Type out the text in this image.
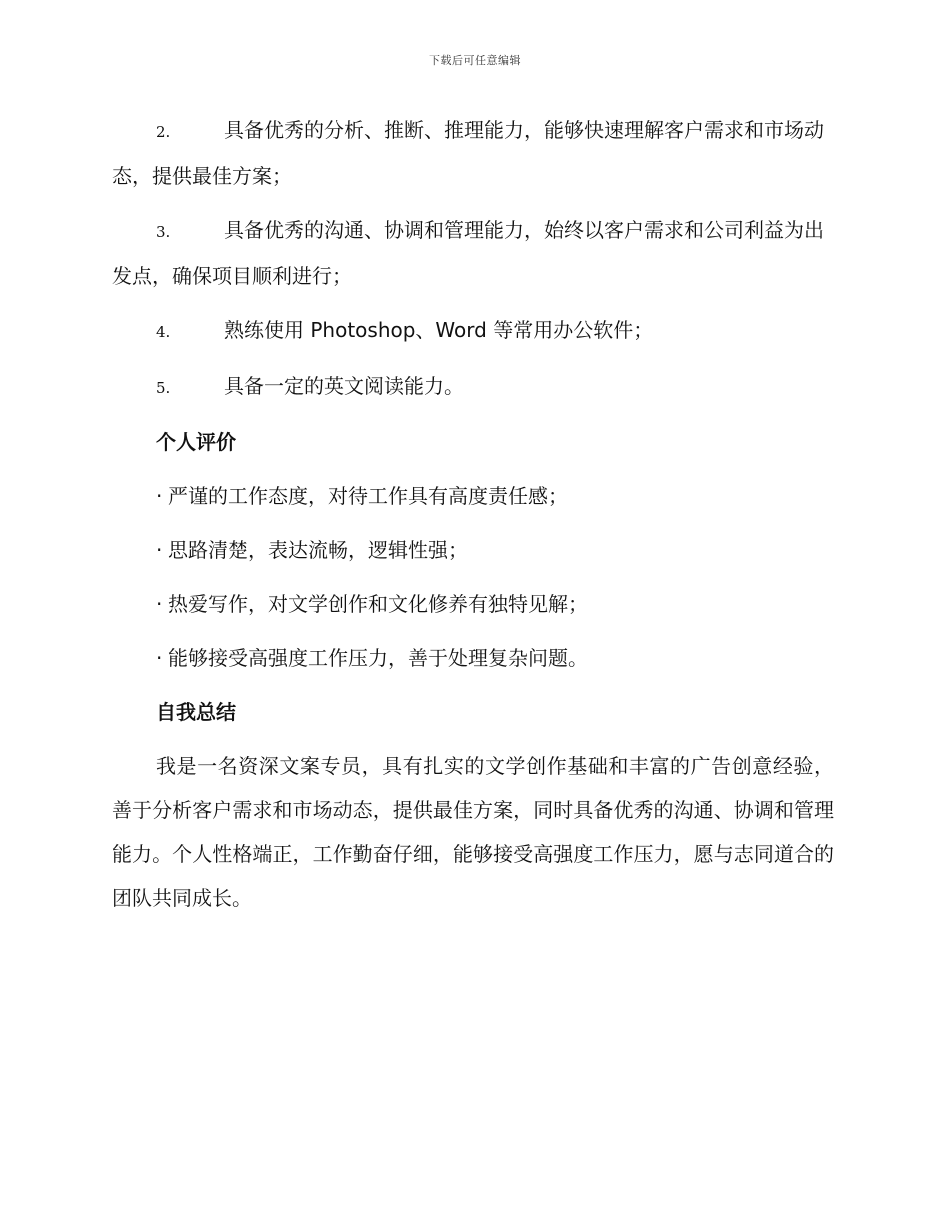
下载后可任意编辑
2.	具备优秀的分析、推断、推理能力，能够快速理解客户需求和市场动态，提供最佳方案；
3.	具备优秀的沟通、协调和管理能力，始终以客户需求和公司利益为出发点，确保项目顺利进行；
4.	熟练使用 Photoshop、Word 等常用办公软件；
5.	具备一定的英文阅读能力。
个人评价
· 严谨的工作态度，对待工作具有高度责任感；
· 思路清楚，表达流畅，逻辑性强；
· 热爱写作，对文学创作和文化修养有独特见解；
· 能够接受高强度工作压力，善于处理复杂问题。
自我总结

我是一名资深文案专员，具有扎实的文学创作基础和丰富的广告创意经验，善于分析客户需求和市场动态，提供最佳方案，同时具备优秀的沟通、协调和管理能力。个人性格端正，工作勤奋仔细，能够接受高强度工作压力，愿与志同道合的团队共同成长。
